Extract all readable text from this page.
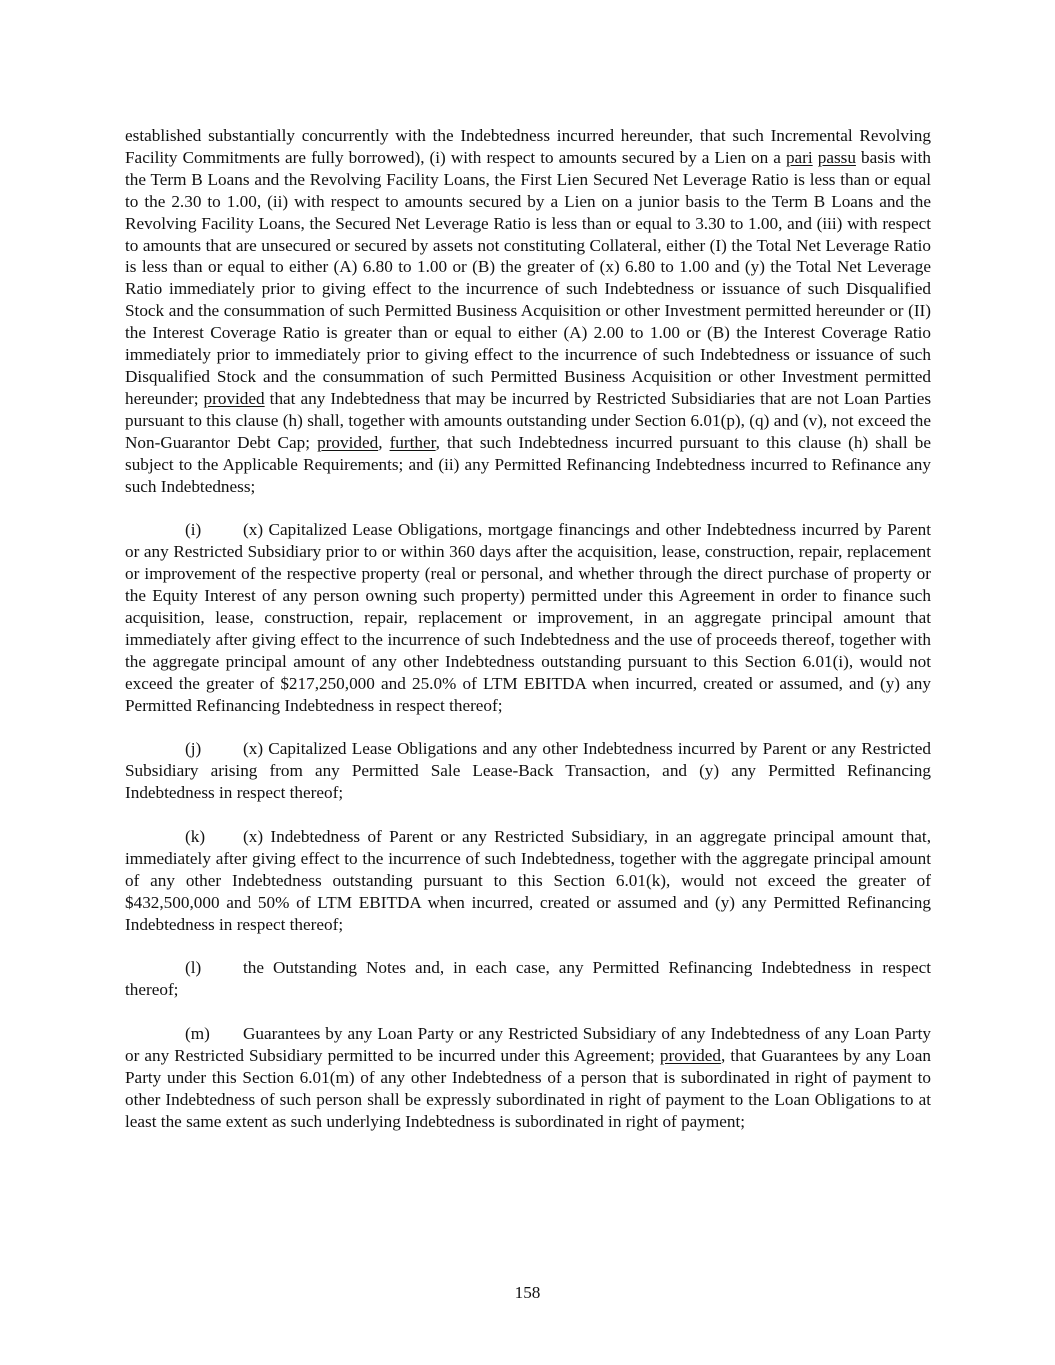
established substantially concurrently with the Indebtedness incurred hereunder, that such Incremental Revolving Facility Commitments are fully borrowed), (i) with respect to amounts secured by a Lien on a pari passu basis with the Term B Loans and the Revolving Facility Loans, the First Lien Secured Net Leverage Ratio is less than or equal to the 2.30 to 1.00, (ii) with respect to amounts secured by a Lien on a junior basis to the Term B Loans and the Revolving Facility Loans, the Secured Net Leverage Ratio is less than or equal to 3.30 to 1.00, and (iii) with respect to amounts that are unsecured or secured by assets not constituting Collateral, either (I) the Total Net Leverage Ratio is less than or equal to either (A) 6.80 to 1.00 or (B) the greater of (x) 6.80 to 1.00 and (y) the Total Net Leverage Ratio immediately prior to giving effect to the incurrence of such Indebtedness or issuance of such Disqualified Stock and the consummation of such Permitted Business Acquisition or other Investment permitted hereunder or (II) the Interest Coverage Ratio is greater than or equal to either (A) 2.00 to 1.00 or (B) the Interest Coverage Ratio immediately prior to immediately prior to giving effect to the incurrence of such Indebtedness or issuance of such Disqualified Stock and the consummation of such Permitted Business Acquisition or other Investment permitted hereunder; provided that any Indebtedness that may be incurred by Restricted Subsidiaries that are not Loan Parties pursuant to this clause (h) shall, together with amounts outstanding under Section 6.01(p), (q) and (v), not exceed the Non-Guarantor Debt Cap; provided, further, that such Indebtedness incurred pursuant to this clause (h) shall be subject to the Applicable Requirements; and (ii) any Permitted Refinancing Indebtedness incurred to Refinance any such Indebtedness;

(i) (x) Capitalized Lease Obligations, mortgage financings and other Indebtedness incurred by Parent or any Restricted Subsidiary prior to or within 360 days after the acquisition, lease, construction, repair, replacement or improvement of the respective property (real or personal, and whether through the direct purchase of property or the Equity Interest of any person owning such property) permitted under this Agreement in order to finance such acquisition, lease, construction, repair, replacement or improvement, in an aggregate principal amount that immediately after giving effect to the incurrence of such Indebtedness and the use of proceeds thereof, together with the aggregate principal amount of any other Indebtedness outstanding pursuant to this Section 6.01(i), would not exceed the greater of $217,250,000 and 25.0% of LTM EBITDA when incurred, created or assumed, and (y) any Permitted Refinancing Indebtedness in respect thereof;

(j) (x) Capitalized Lease Obligations and any other Indebtedness incurred by Parent or any Restricted Subsidiary arising from any Permitted Sale Lease-Back Transaction, and (y) any Permitted Refinancing Indebtedness in respect thereof;

(k) (x) Indebtedness of Parent or any Restricted Subsidiary, in an aggregate principal amount that, immediately after giving effect to the incurrence of such Indebtedness, together with the aggregate principal amount of any other Indebtedness outstanding pursuant to this Section 6.01(k), would not exceed the greater of $432,500,000 and 50% of LTM EBITDA when incurred, created or assumed and (y) any Permitted Refinancing Indebtedness in respect thereof;

(l) the Outstanding Notes and, in each case, any Permitted Refinancing Indebtedness in respect thereof;

(m) Guarantees by any Loan Party or any Restricted Subsidiary of any Indebtedness of any Loan Party or any Restricted Subsidiary permitted to be incurred under this Agreement; provided, that Guarantees by any Loan Party under this Section 6.01(m) of any other Indebtedness of a person that is subordinated in right of payment to other Indebtedness of such person shall be expressly subordinated in right of payment to the Loan Obligations to at least the same extent as such underlying Indebtedness is subordinated in right of payment;

158
